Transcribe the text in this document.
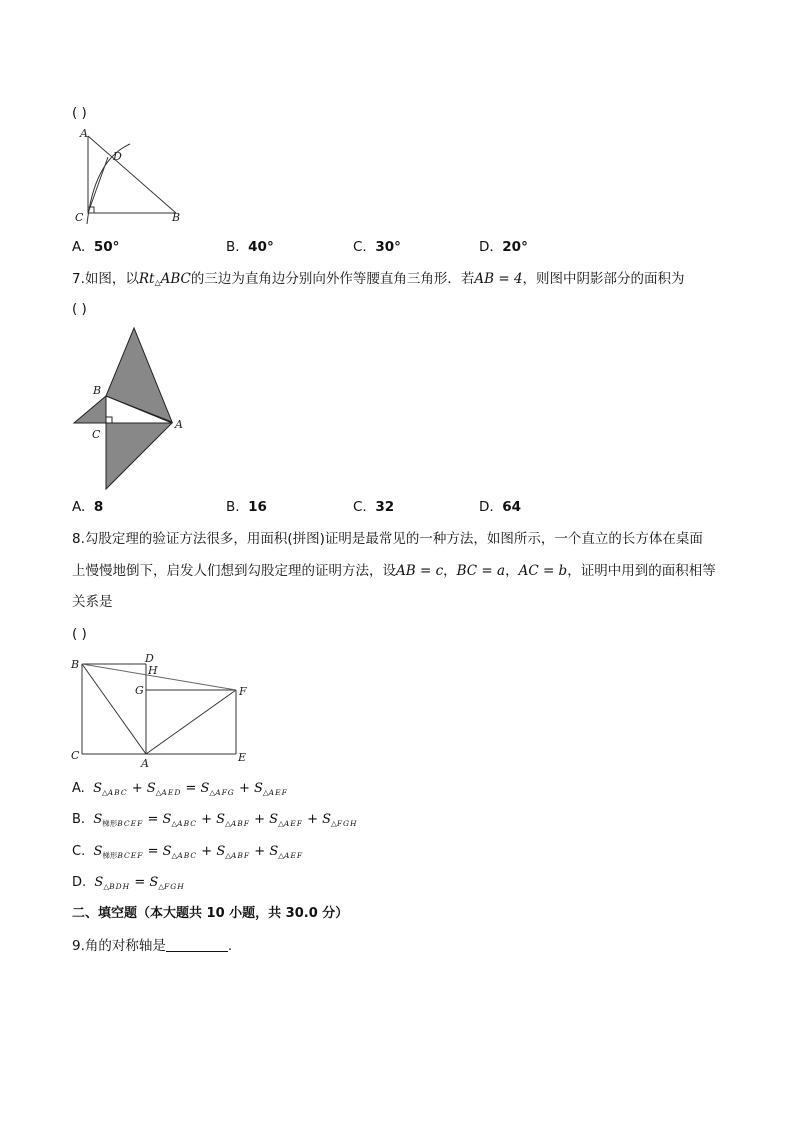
( )
A
D
C	B
A. 50°	B. 40°	C. 30°	D. 20°
7.如图，以Rt△ABC的三边为直角边分别向外作等腰直角三角形．若AB = 4，则图中阴影部分的面积为
( )
B
C
A
A. 8	B. 16	C. 32	D. 64
8.勾股定理的验证方法很多，用面积(拼图)证明是最常见的一种方法，如图所示，一个直立的长方体在桌面
上慢慢地倒下，启发人们想到勾股定理的证明方法，设AB = c，BC = a，AC = b，证明中用到的面积相等
关系是
( )
B	D
H
G	F
C
A	E
A. $S_{\triangle ABC} + S_{\triangle AED} = S_{\triangle AFG} + S_{\triangle AEF}$
B. $S_{梯形BCEF} = S_{\triangle ABC} + S_{\triangle ABF} + S_{\triangle AEF} + S_{\triangle FGH}$
C. $S_{梯形BCEF} = S_{\triangle ABC} + S_{\triangle ABF} + S_{\triangle AEF}$
D. $S_{\triangle BDH} = S_{\triangle FGH}$
二、填空题（本大题共 10 小题，共 30.0 分）
9.角的对称轴是	.
